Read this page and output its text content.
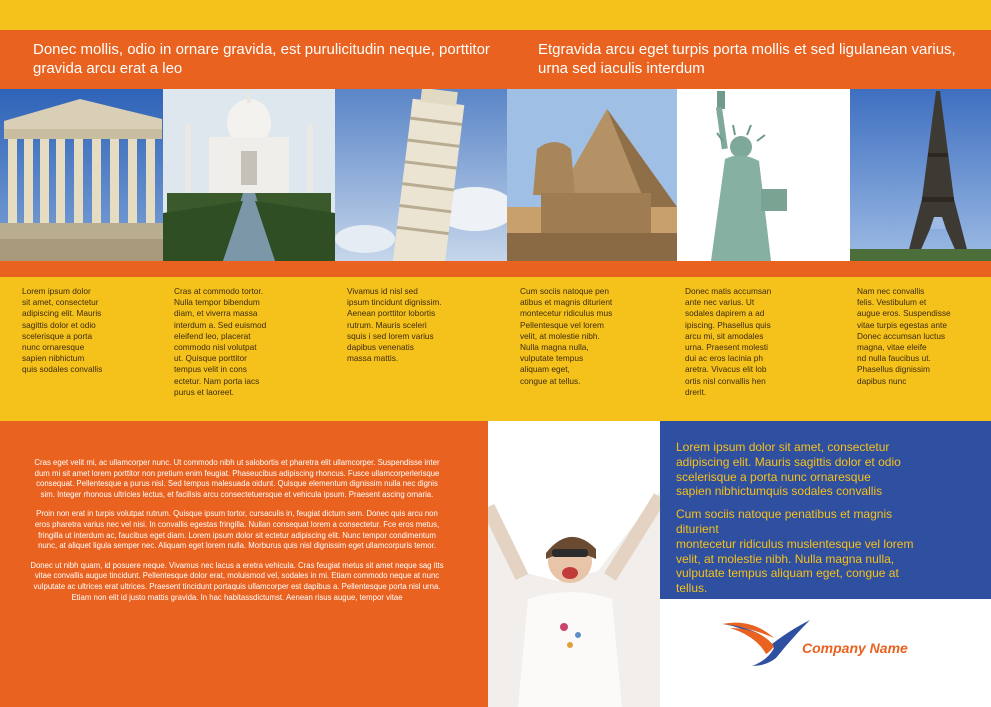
Donec mollis, odio in ornare gravida, est purulicitudin neque, porttitor gravida arcu erat a leo
Etgravida arcu eget turpis porta mollis et sed ligulanean varius, urna sed iaculis interdum
Lorem ipsum dolor
sit amet, consectetur
adipiscing elit. Mauris
sagittis dolor et odio
scelerisque a porta
nunc ornaresque
sapien nibhictum
quis sodales convallis
Cras at commodo tortor.
Nulla tempor bibendum
diam, et viverra massa
interdum a. Sed euismod
eleifend leo, placerat
commodo nisl volutpat
ut. Quisque porttitor
tempus velit in cons
ectetur. Nam porta iacs
purus et laoreet.
Vivamus id nisl sed
ipsum tincidunt dignissim.
Aenean porttitor lobortis
rutrum. Mauris sceleri
squis i sed lorem varius
dapibus venenatis
massa mattis.
Cum sociis natoque pen
atibus et magnis diturient
montecetur ridiculus mus
Pellentesque vel lorem
velit, at molestie nibh.
Nulla magna nulla,
vulputate tempus
aliquam eget,
congue at tellus.
Donec matis accumsan
ante nec varius. Ut
sodales dapirem a ad
ipiscing. Phasellus quis
arcu mi, sit amodales
urna. Praesent molesti
dui ac eros lacinia ph
aretra. Vivacus elit lob
ortis nisl convallis hen
drerit.
Nam nec convallis
felis. Vestibulum et
augue eros. Suspendisse
vitae turpis egestas ante
Donec accumsan luctus
magna, vitae eleife
nd nulla faucibus ut.
Phasellus dignissim
dapibus nunc

Cras eget velit mi, ac ullamcorper nunc. Ut commodo nibh ut salobortis et pharetra elit ullamcorper. Suspendisse inter dum mi sit amet lorem porttitor non pretium enim feugiat. Phaseucibus adipiscing rhoncus. Fusce ullamcorperlerisque consequat. Pellentesque a purus nisl. Sed tempus malesuada oidunt. Quisque elementum dignissim nulla nec dignis sim. Integer rhonous ultricies lectus, et facilisis arcu consectetuersque et vehicula ipsum. Praesent ascing ornaria.

Proin non erat in turpis volutpat rutrum. Quisque ipsum tortor, cursaculis in, feugiat dictum sem. Donec quis arcu non eros pharetra varius nec vel nisi. In convallis egestas fringilla. Nullan consequat lorem a consectetur. Fce eros metus, fringilla ut interdum ac, faucibus eget diam. Lorem ipsum dolor sit ectetur adipiscing elit. Nunc tempor condimentum nunc, at aliquet ligula semper nec. Aliquam eget lorem nulla. Morburus quis nisl dignissim eget ullamcorpuris temor.

Donec ut nibh quam, id posuere neque. Vivamus nec lacus a eretra vehicula. Cras feugiat metus sit amet neque sag itts vitae convallis augue tincidunt. Pellentesque dolor erat, moluismod vel, sodales in mi. Etiam commodo neque at nunc vulputate ac ultrices erat ultrices. Praesent tincidunt portaquis ullamcorper est dapibus a. Pellentesque porta nisl urna. Etiam non elit id justo mattis gravida. In hac habitassdictumst. Aenean risus augue, tempor vitae

Lorem ipsum dolor sit amet, consectetur
adipiscing elit. Mauris sagittis dolor et odio
scelerisque a porta nunc ornaresque
sapien nibhictumquis sodales convallis

Cum sociis natoque penatibus et magnis
diturient
montecetur ridiculus muslentesque vel lorem
velit, at molestie nibh. Nulla magna nulla,
vulputate tempus aliquam eget, congue at
tellus.

Company Name
